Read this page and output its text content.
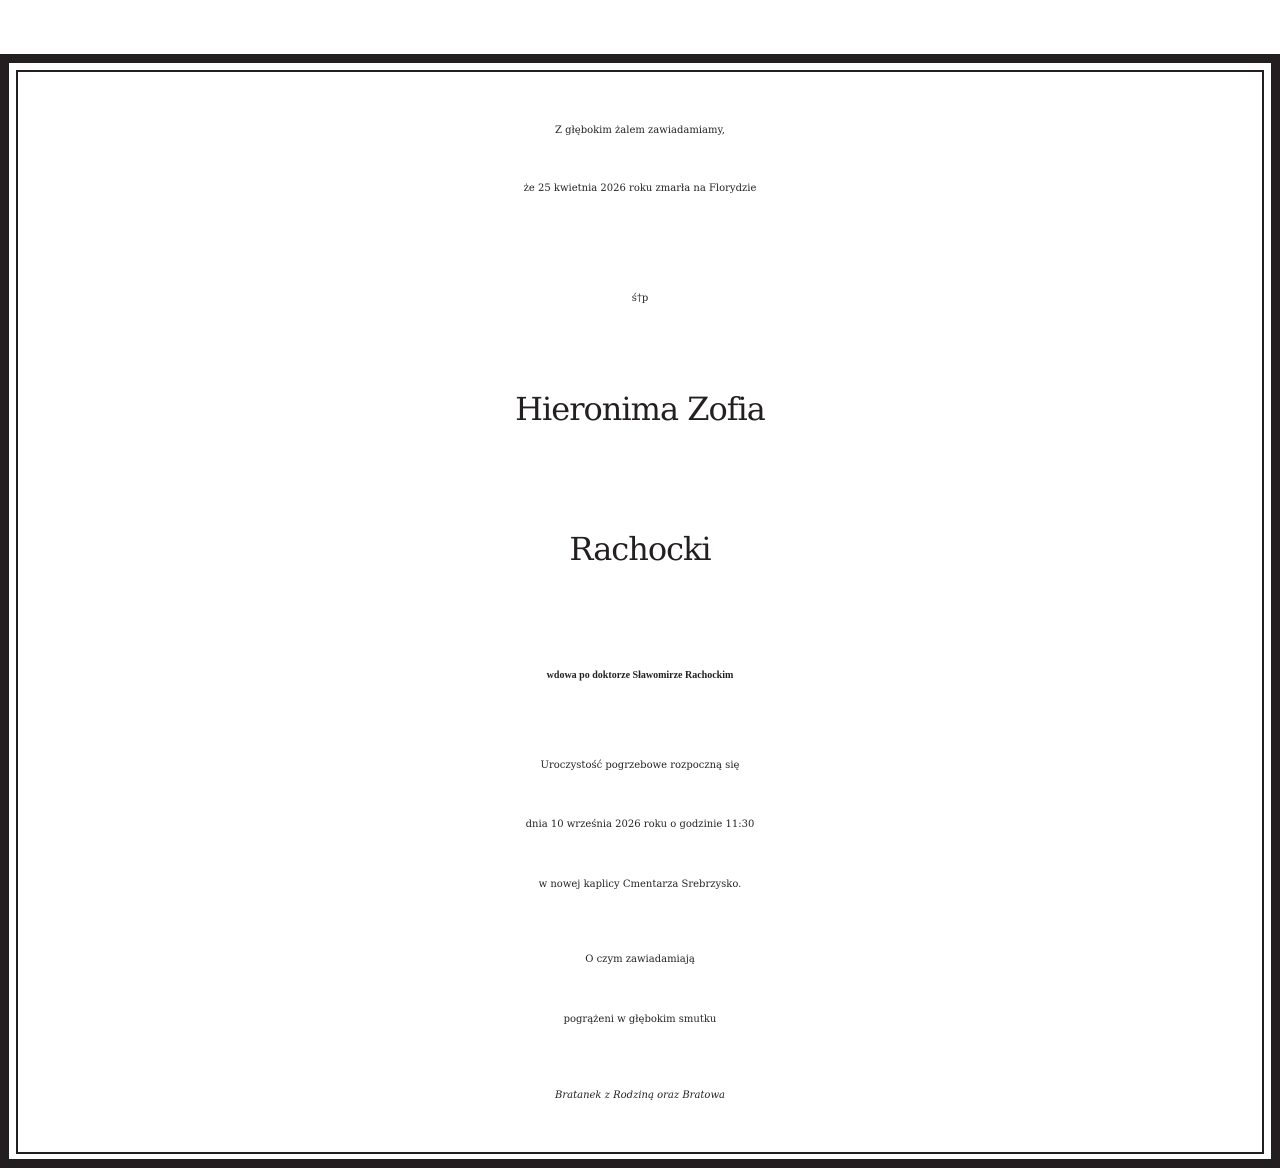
Z głębokim żalem zawiadamiamy,
że 25 kwietnia 2026 roku zmarła na Florydzie
ś†p
Hieronima Zofia
Rachocki
wdowa po doktorze Sławomirze Rachockim
Uroczystość pogrzebowe rozpoczną się
dnia 10 września 2026 roku o godzinie 11:30
w nowej kaplicy Cmentarza Srebrzysko.
O czym zawiadamiają
pogrążeni w głębokim smutku
Bratanek z Rodziną oraz Bratowa
